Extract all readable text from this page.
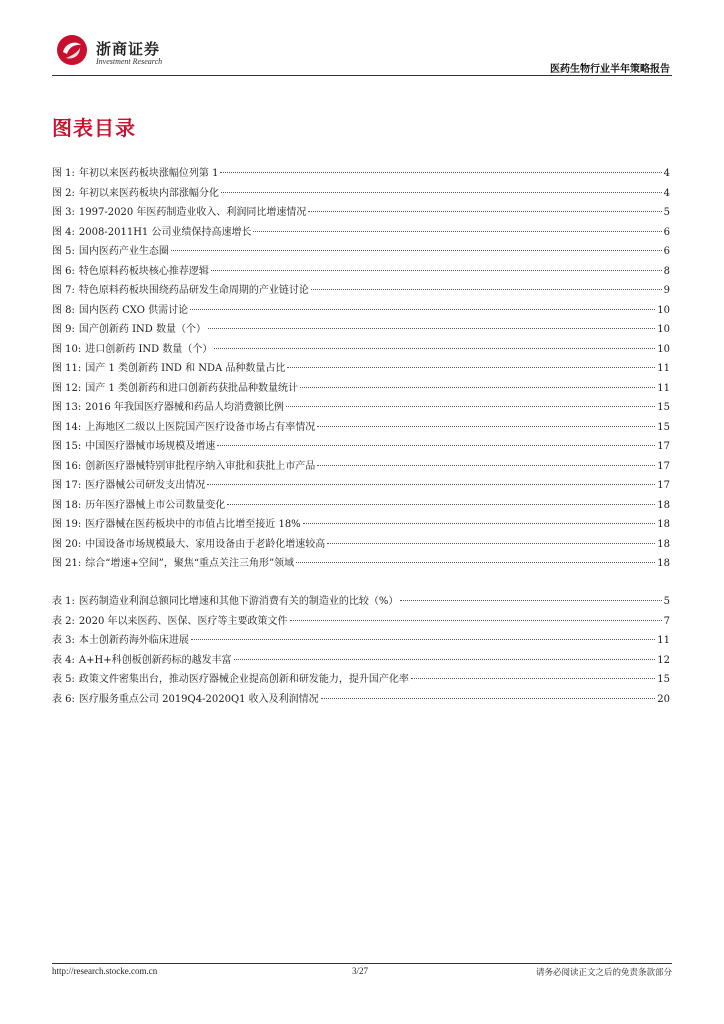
浙商证券
Investment Research
医药生物行业半年策略报告
图表目录
图 1: 年初以来医药板块涨幅位列第 1	4
图 2: 年初以来医药板块内部涨幅分化	4
图 3: 1997-2020 年医药制造业收入、利润同比增速情况	5
图 4: 2008-2011H1 公司业绩保持高速增长	6
图 5: 国内医药产业生态圈	6
图 6: 特色原料药板块核心推荐逻辑	8
图 7: 特色原料药板块围绕药品研发生命周期的产业链讨论	9
图 8: 国内医药 CXO 供需讨论	10
图 9: 国产创新药 IND 数量（个）	10
图 10: 进口创新药 IND 数量（个）	10
图 11: 国产 1 类创新药 IND 和 NDA 品种数量占比	11
图 12: 国产 1 类创新药和进口创新药获批品种数量统计	11
图 13: 2016 年我国医疗器械和药品人均消费额比例	15
图 14: 上海地区二级以上医院国产医疗设备市场占有率情况	15
图 15: 中国医疗器械市场规模及增速	17
图 16: 创新医疗器械特别审批程序纳入审批和获批上市产品	17
图 17: 医疗器械公司研发支出情况	17
图 18: 历年医疗器械上市公司数量变化	18
图 19: 医疗器械在医药板块中的市值占比增至接近 18%	18
图 20: 中国设备市场规模最大、家用设备由于老龄化增速较高	18
图 21: 综合“增速+空间”，聚焦“重点关注三角形”领域	18
表 1: 医药制造业利润总额同比增速和其他下游消费有关的制造业的比较（%）	5
表 2: 2020 年以来医药、医保、医疗等主要政策文件	7
表 3: 本土创新药海外临床进展	11
表 4: A+H+科创板创新药标的越发丰富	12
表 5: 政策文件密集出台，推动医疗器械企业提高创新和研发能力，提升国产化率	15
表 6: 医疗服务重点公司 2019Q4-2020Q1 收入及利润情况	20
http://research.stocke.com.cn	3/27	请务必阅读正文之后的免责条款部分
